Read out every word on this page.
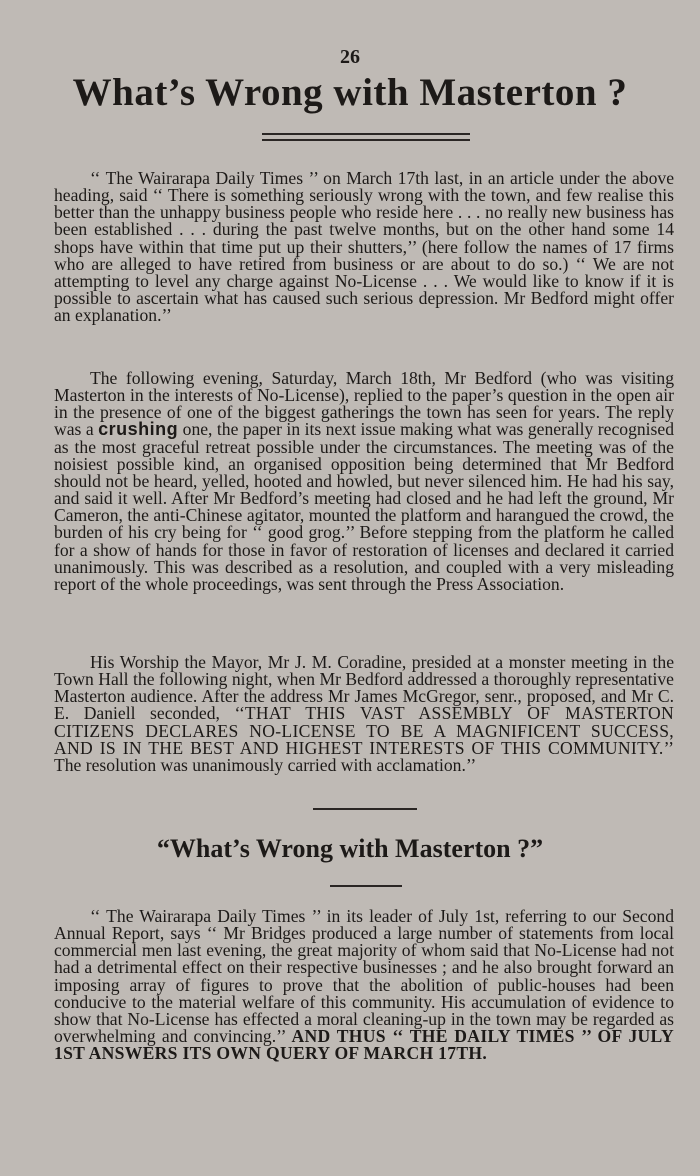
26
What’s Wrong with Masterton ?

‘‘ The Wairarapa Daily Times ’’ on March 17th last, in an article under the above heading, said ‘‘ There is something seriously wrong with the town, and few realise this better than the unhappy business people who reside here . . . no really new business has been established . . . during the past twelve months, but on the other hand some 14 shops have within that time put up their shutters,’’ (here follow the names of 17 firms who are alleged to have retired from business or are about to do so.) ‘‘ We are not attempting to level any charge against No-License . . . We would like to know if it is possible to ascertain what has caused such serious depression. Mr Bedford might offer an explanation.’’

The following evening, Saturday, March 18th, Mr Bedford (who was visiting Masterton in the interests of No-License), replied to the paper’s question in the open air in the presence of one of the biggest gatherings the town has seen for years. The reply was a crushing one, the paper in its next issue making what was generally recognised as the most graceful retreat possible under the circumstances. The meeting was of the noisiest possible kind, an organised opposition being determined that Mr Bedford should not be heard, yelled, hooted and howled, but never silenced him. He had his say, and said it well. After Mr Bedford’s meeting had closed and he had left the ground, Mr Cameron, the anti-Chinese agitator, mounted the platform and harangued the crowd, the burden of his cry being for ‘‘ good grog.’’ Before stepping from the platform he called for a show of hands for those in favor of restoration of licenses and declared it carried unanimously. This was described as a resolution, and coupled with a very misleading report of the whole proceedings, was sent through the Press Association.

His Worship the Mayor, Mr J. M. Coradine, presided at a monster meeting in the Town Hall the following night, when Mr Bedford addressed a thoroughly representative Masterton audience. After the address Mr James McGregor, senr., proposed, and Mr C. E. Daniell seconded, ‘‘THAT THIS VAST ASSEMBLY OF MASTERTON CITIZENS DECLARES NO-LICENSE TO BE A MAGNIFICENT SUCCESS, AND IS IN THE BEST AND HIGHEST INTERESTS OF THIS COMMUNITY.’’ The resolution was unanimously carried with acclamation.’’

“What’s Wrong with Masterton ?”

‘‘ The Wairarapa Daily Times ’’ in its leader of July 1st, referring to our Second Annual Report, says ‘‘ Mr Bridges produced a large number of statements from local commercial men last evening, the great majority of whom said that No-License had not had a detrimental effect on their respective businesses ; and he also brought forward an imposing array of figures to prove that the abolition of public-houses had been conducive to the material welfare of this community. His accumulation of evidence to show that No-License has effected a moral cleaning-up in the town may be regarded as overwhelming and convincing.’’ AND THUS ‘‘ THE DAILY TIMES ’’ OF JULY 1ST ANSWERS ITS OWN QUERY OF MARCH 17TH.
